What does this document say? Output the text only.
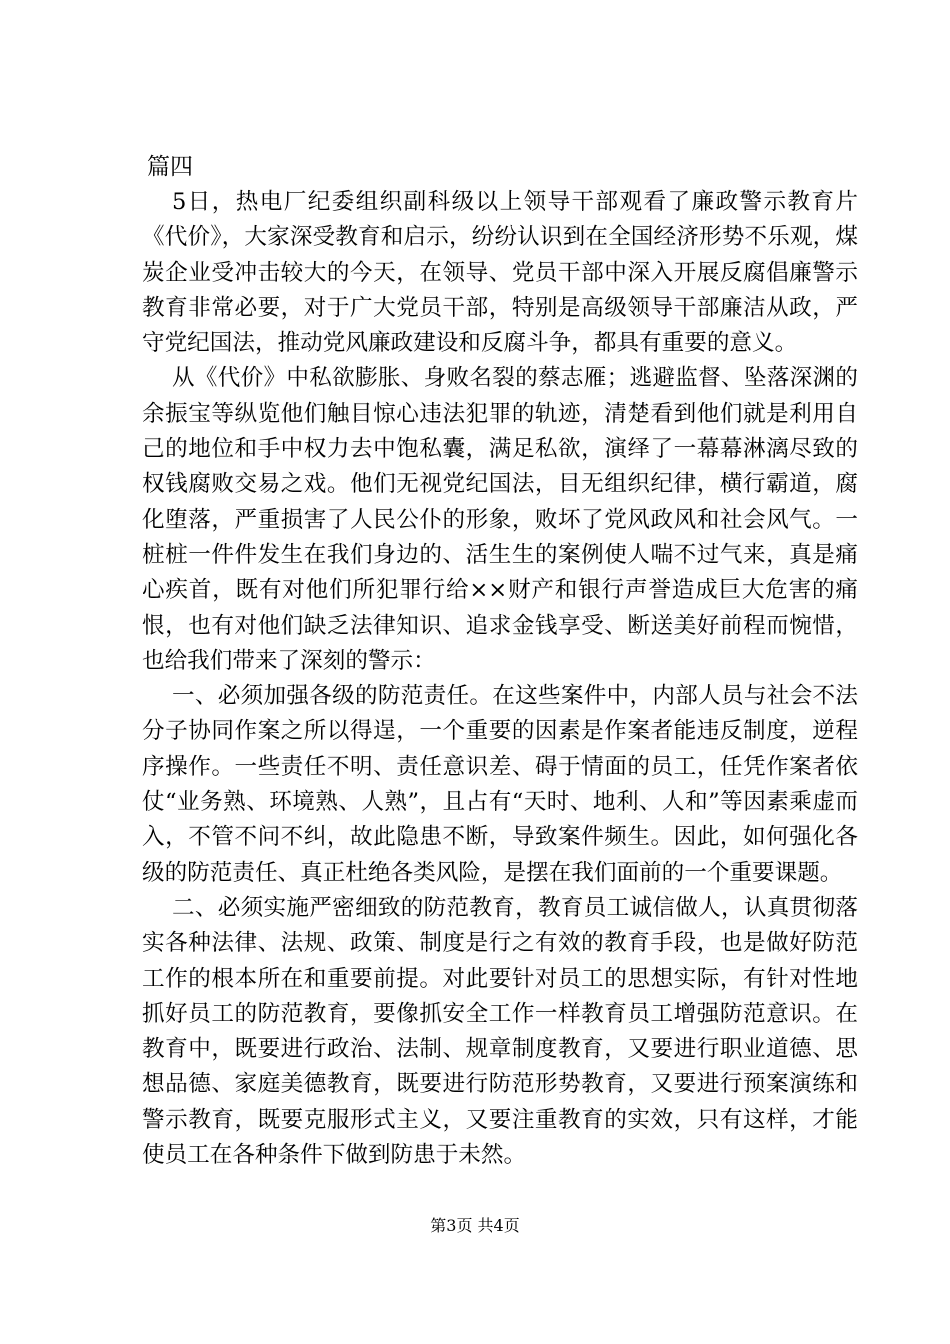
篇四

5日，热电厂纪委组织副科级以上领导干部观看了廉政警示教育片《代价》，大家深受教育和启示，纷纷认识到在全国经济形势不乐观，煤炭企业受冲击较大的今天，在领导、党员干部中深入开展反腐倡廉警示教育非常必要，对于广大党员干部，特别是高级领导干部廉洁从政，严守党纪国法，推动党风廉政建设和反腐斗争，都具有重要的意义。

从《代价》中私欲膨胀、身败名裂的蔡志雁；逃避监督、坠落深渊的余振宝等纵览他们触目惊心违法犯罪的轨迹，清楚看到他们就是利用自己的地位和手中权力去中饱私囊，满足私欲，演绎了一幕幕淋漓尽致的权钱腐败交易之戏。他们无视党纪国法，目无组织纪律，横行霸道，腐化堕落，严重损害了人民公仆的形象，败坏了党风政风和社会风气。一桩桩一件件发生在我们身边的、活生生的案例使人喘不过气来，真是痛心疾首，既有对他们所犯罪行给××财产和银行声誉造成巨大危害的痛恨，也有对他们缺乏法律知识、追求金钱享受、断送美好前程而惋惜，也给我们带来了深刻的警示：

一、必须加强各级的防范责任。在这些案件中，内部人员与社会不法分子协同作案之所以得逞，一个重要的因素是作案者能违反制度，逆程序操作。一些责任不明、责任意识差、碍于情面的员工，任凭作案者依仗“业务熟、环境熟、人熟”，且占有“天时、地利、人和”等因素乘虚而入，不管不问不纠，故此隐患不断，导致案件频生。因此，如何强化各级的防范责任、真正杜绝各类风险，是摆在我们面前的一个重要课题。

二、必须实施严密细致的防范教育，教育员工诚信做人，认真贯彻落实各种法律、法规、政策、制度是行之有效的教育手段，也是做好防范工作的根本所在和重要前提。对此要针对员工的思想实际，有针对性地抓好员工的防范教育，要像抓安全工作一样教育员工增强防范意识。在教育中，既要进行政治、法制、规章制度教育，又要进行职业道德、思想品德、家庭美德教育，既要进行防范形势教育，又要进行预案演练和警示教育，既要克服形式主义，又要注重教育的实效，只有这样，才能使员工在各种条件下做到防患于未然。

第3页 共4页
